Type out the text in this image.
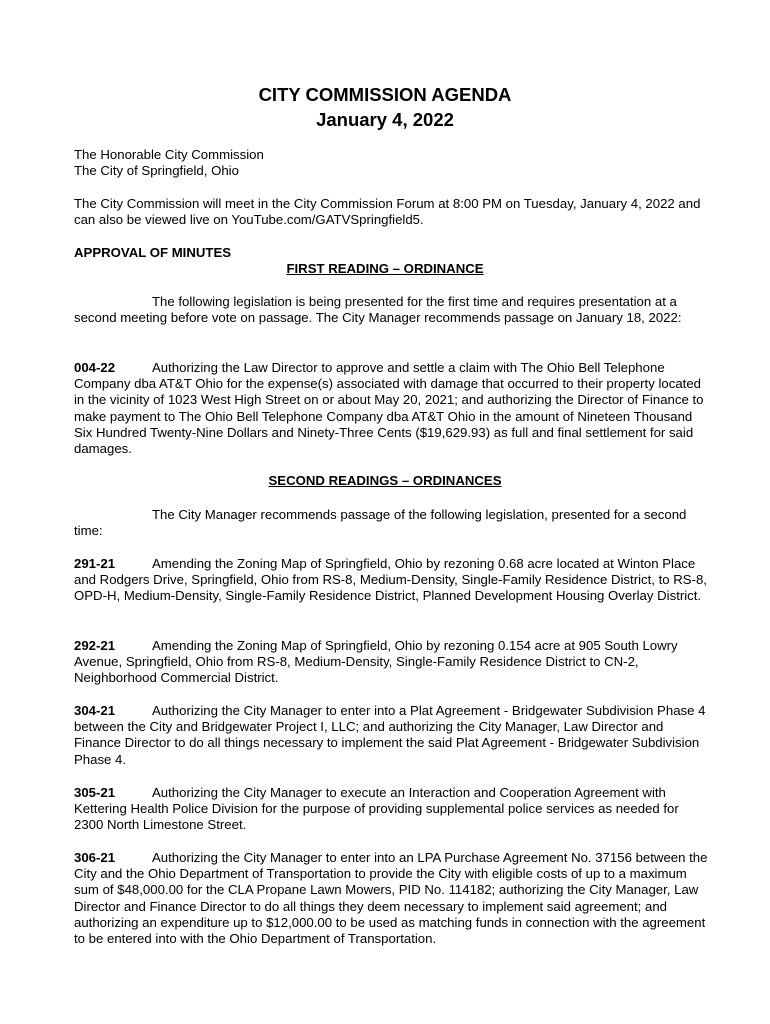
CITY COMMISSION AGENDA
January 4, 2022
The Honorable City Commission
The City of Springfield, Ohio

The City Commission will meet in the City Commission Forum at 8:00 PM on Tuesday, January 4, 2022 and can also be viewed live on YouTube.com/GATVSpringfield5.

APPROVAL OF MINUTES
FIRST READING – ORDINANCE

The following legislation is being presented for the first time and requires presentation at a second meeting before vote on passage. The City Manager recommends passage on January 18, 2022:

004-22	Authorizing the Law Director to approve and settle a claim with The Ohio Bell Telephone Company dba AT&T Ohio for the expense(s) associated with damage that occurred to their property located in the vicinity of 1023 West High Street on or about May 20, 2021; and authorizing the Director of Finance to make payment to The Ohio Bell Telephone Company dba AT&T Ohio in the amount of Nineteen Thousand Six Hundred Twenty-Nine Dollars and Ninety-Three Cents ($19,629.93) as full and final settlement for said damages.

SECOND READINGS – ORDINANCES

The City Manager recommends passage of the following legislation, presented for a second time:

291-21	Amending the Zoning Map of Springfield, Ohio by rezoning 0.68 acre located at Winton Place and Rodgers Drive, Springfield, Ohio from RS-8, Medium-Density, Single-Family Residence District, to RS-8, OPD-H, Medium-Density, Single-Family Residence District, Planned Development Housing Overlay District.

292-21	Amending the Zoning Map of Springfield, Ohio by rezoning 0.154 acre at 905 South Lowry Avenue, Springfield, Ohio from RS-8, Medium-Density, Single-Family Residence District to CN-2, Neighborhood Commercial District.

304-21	Authorizing the City Manager to enter into a Plat Agreement - Bridgewater Subdivision Phase 4 between the City and Bridgewater Project I, LLC; and authorizing the City Manager, Law Director and Finance Director to do all things necessary to implement the said Plat Agreement - Bridgewater Subdivision Phase 4.

305-21	Authorizing the City Manager to execute an Interaction and Cooperation Agreement with Kettering Health Police Division for the purpose of providing supplemental police services as needed for 2300 North Limestone Street.

306-21	Authorizing the City Manager to enter into an LPA Purchase Agreement No. 37156 between the City and the Ohio Department of Transportation to provide the City with eligible costs of up to a maximum sum of $48,000.00 for the CLA Propane Lawn Mowers, PID No. 114182; authorizing the City Manager, Law Director and Finance Director to do all things they deem necessary to implement said agreement; and authorizing an expenditure up to $12,000.00 to be used as matching funds in connection with the agreement to be entered into with the Ohio Department of Transportation.
